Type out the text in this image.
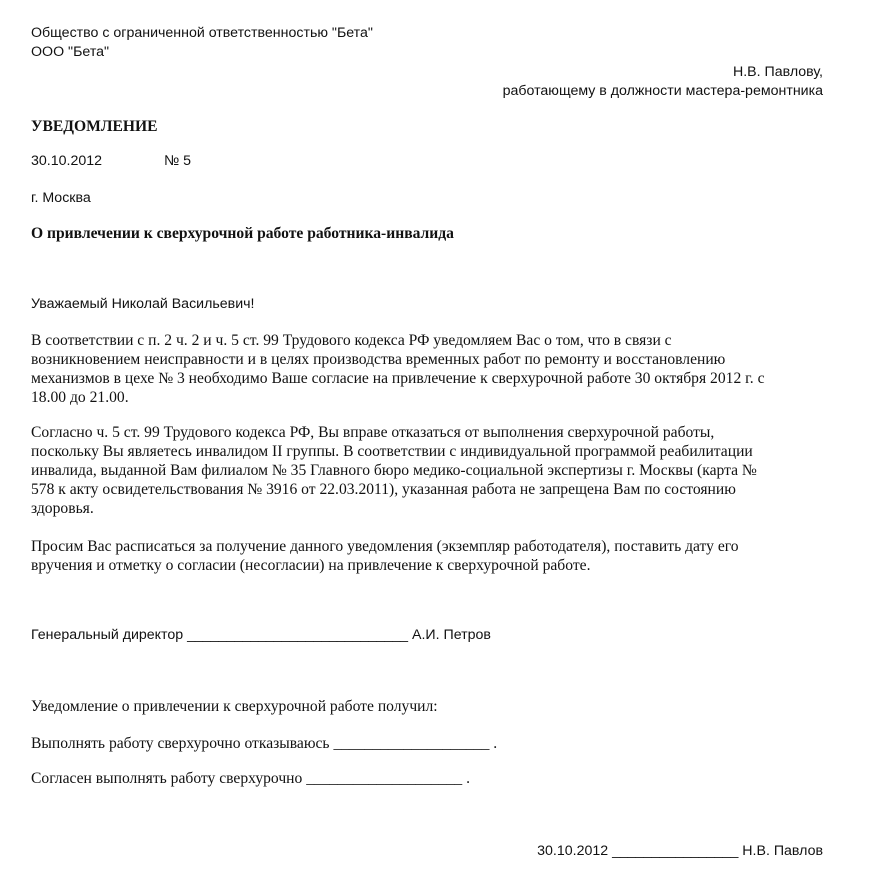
Общество с ограниченной ответственностью "Бета"
ООО "Бета"
Н.В. Павлову,
работающему в должности мастера-ремонтника
УВЕДОМЛЕНИЕ
30.10.2012	№ 5
г. Москва
О привлечении к сверхурочной работе работника-инвалида
Уважаемый Николай Васильевич!
В соответствии с п. 2 ч. 2 и ч. 5 ст. 99 Трудового кодекса РФ уведомляем Вас о том, что в связи с
возникновением неисправности и в целях производства временных работ по ремонту и восстановлению
механизмов в цехе № 3 необходимо Ваше согласие на привлечение к сверхурочной работе 30 октября 2012 г. с
18.00 до 21.00.
Согласно ч. 5 ст. 99 Трудового кодекса РФ, Вы вправе отказаться от выполнения сверхурочной работы,
поскольку Вы являетесь инвалидом II группы. В соответствии с индивидуальной программой реабилитации
инвалида, выданной Вам филиалом № 35 Главного бюро медико-социальной экспертизы г. Москвы (карта №
578 к акту освидетельствования № 3916 от 22.03.2011), указанная работа не запрещена Вам по состоянию
здоровья.
Просим Вас расписаться за получение данного уведомления (экземпляр работодателя), поставить дату его
вручения и отметку о согласии (несогласии) на привлечение к сверхурочной работе.
Генеральный директор ____________________________ А.И. Петров
Уведомление о привлечении к сверхурочной работе получил:
Выполнять работу сверхурочно отказываюсь ____________________ .
Согласен выполнять работу сверхурочно ____________________ .
30.10.2012 ________________ Н.В. Павлов
